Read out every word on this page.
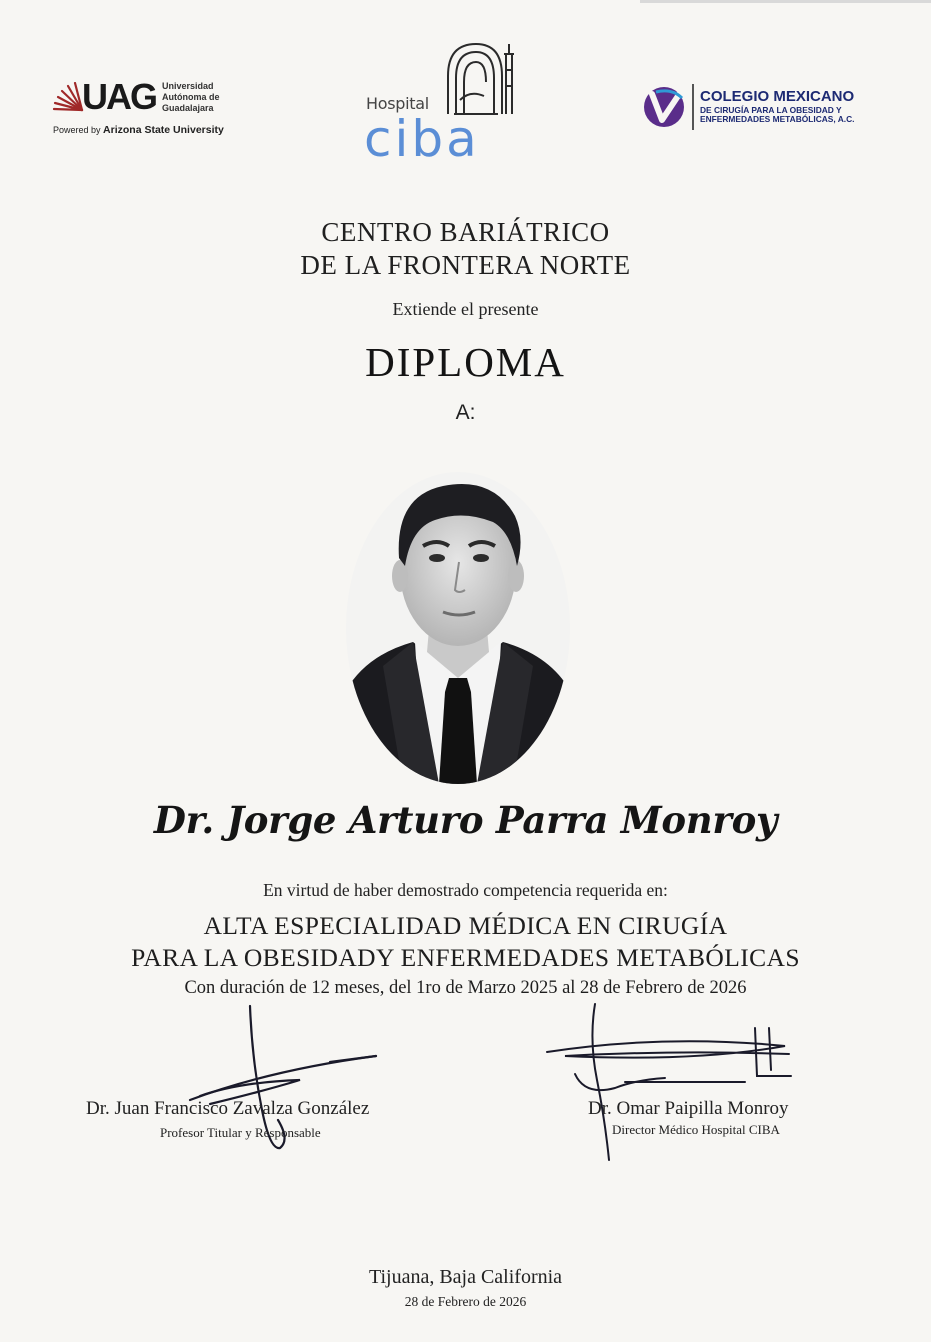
UAG Universidad
Autónoma de
Guadalajara
Powered by Arizona State University
Hospital
ciba
COLEGIO MEXICANO
DE CIRUGÍA PARA LA OBESIDAD Y
ENFERMEDADES METABÓLICAS, A.C.
CENTRO BARIÁTRICO
DE LA FRONTERA NORTE
Extiende el presente
DIPLOMA
A:
Dr. Jorge Arturo Parra Monroy
En virtud de haber demostrado competencia requerida en:
ALTA ESPECIALIDAD MÉDICA EN CIRUGÍA
PARA LA OBESIDADY ENFERMEDADES METABÓLICAS
Con duración de 12 meses, del 1ro de Marzo 2025 al 28 de Febrero de 2026
Dr. Juan Francisco Zavalza González
Profesor Titular y Responsable
Dr. Omar Paipilla Monroy
Director Médico Hospital CIBA
Tijuana, Baja California
28 de Febrero de 2026
